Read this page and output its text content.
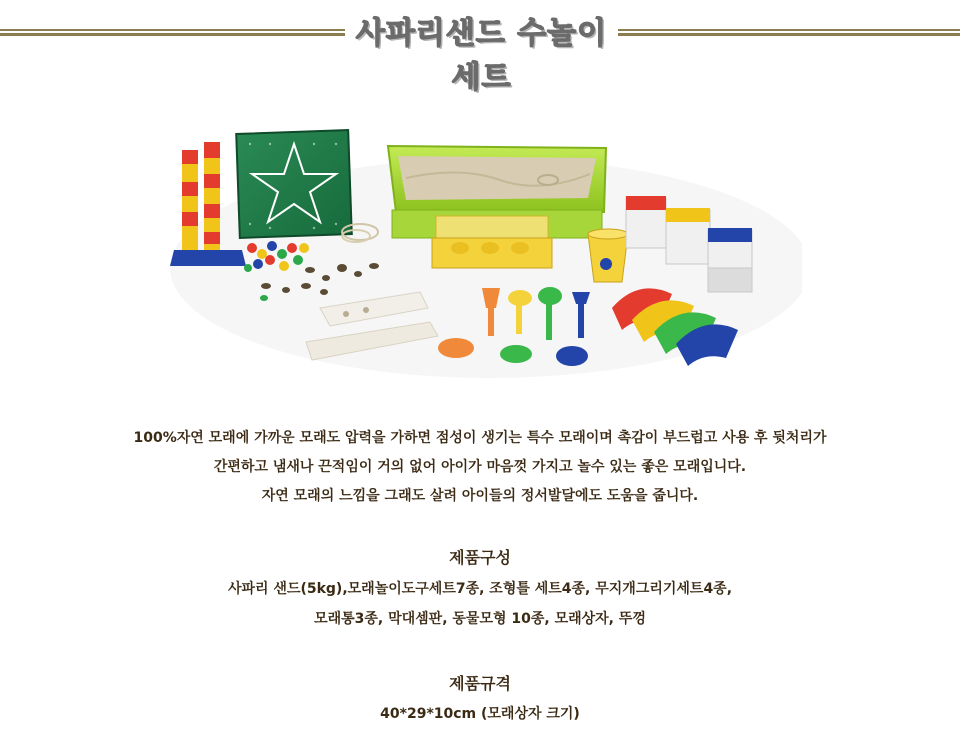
사파리샌드 수놀이세트

100%자연 모래에 가까운 모래도 압력을 가하면 점성이 생기는 특수 모래이며 촉감이 부드럽고 사용 후 뒷처리가

간편하고 냄새나 끈적임이 거의 없어 아이가 마음껏 가지고 놀수 있는 좋은 모래입니다.

자연 모래의 느낌을 그래도 살려 아이들의 정서발달에도 도움을 줍니다.

제품구성

사파리 샌드(5kg),모래놀이도구세트7종, 조형틀 세트4종, 무지개그리기세트4종,

모래통3종, 막대셈판, 동물모형 10종, 모래상자, 뚜껑

제품규격
40*29*10cm (모래상자 크기)
